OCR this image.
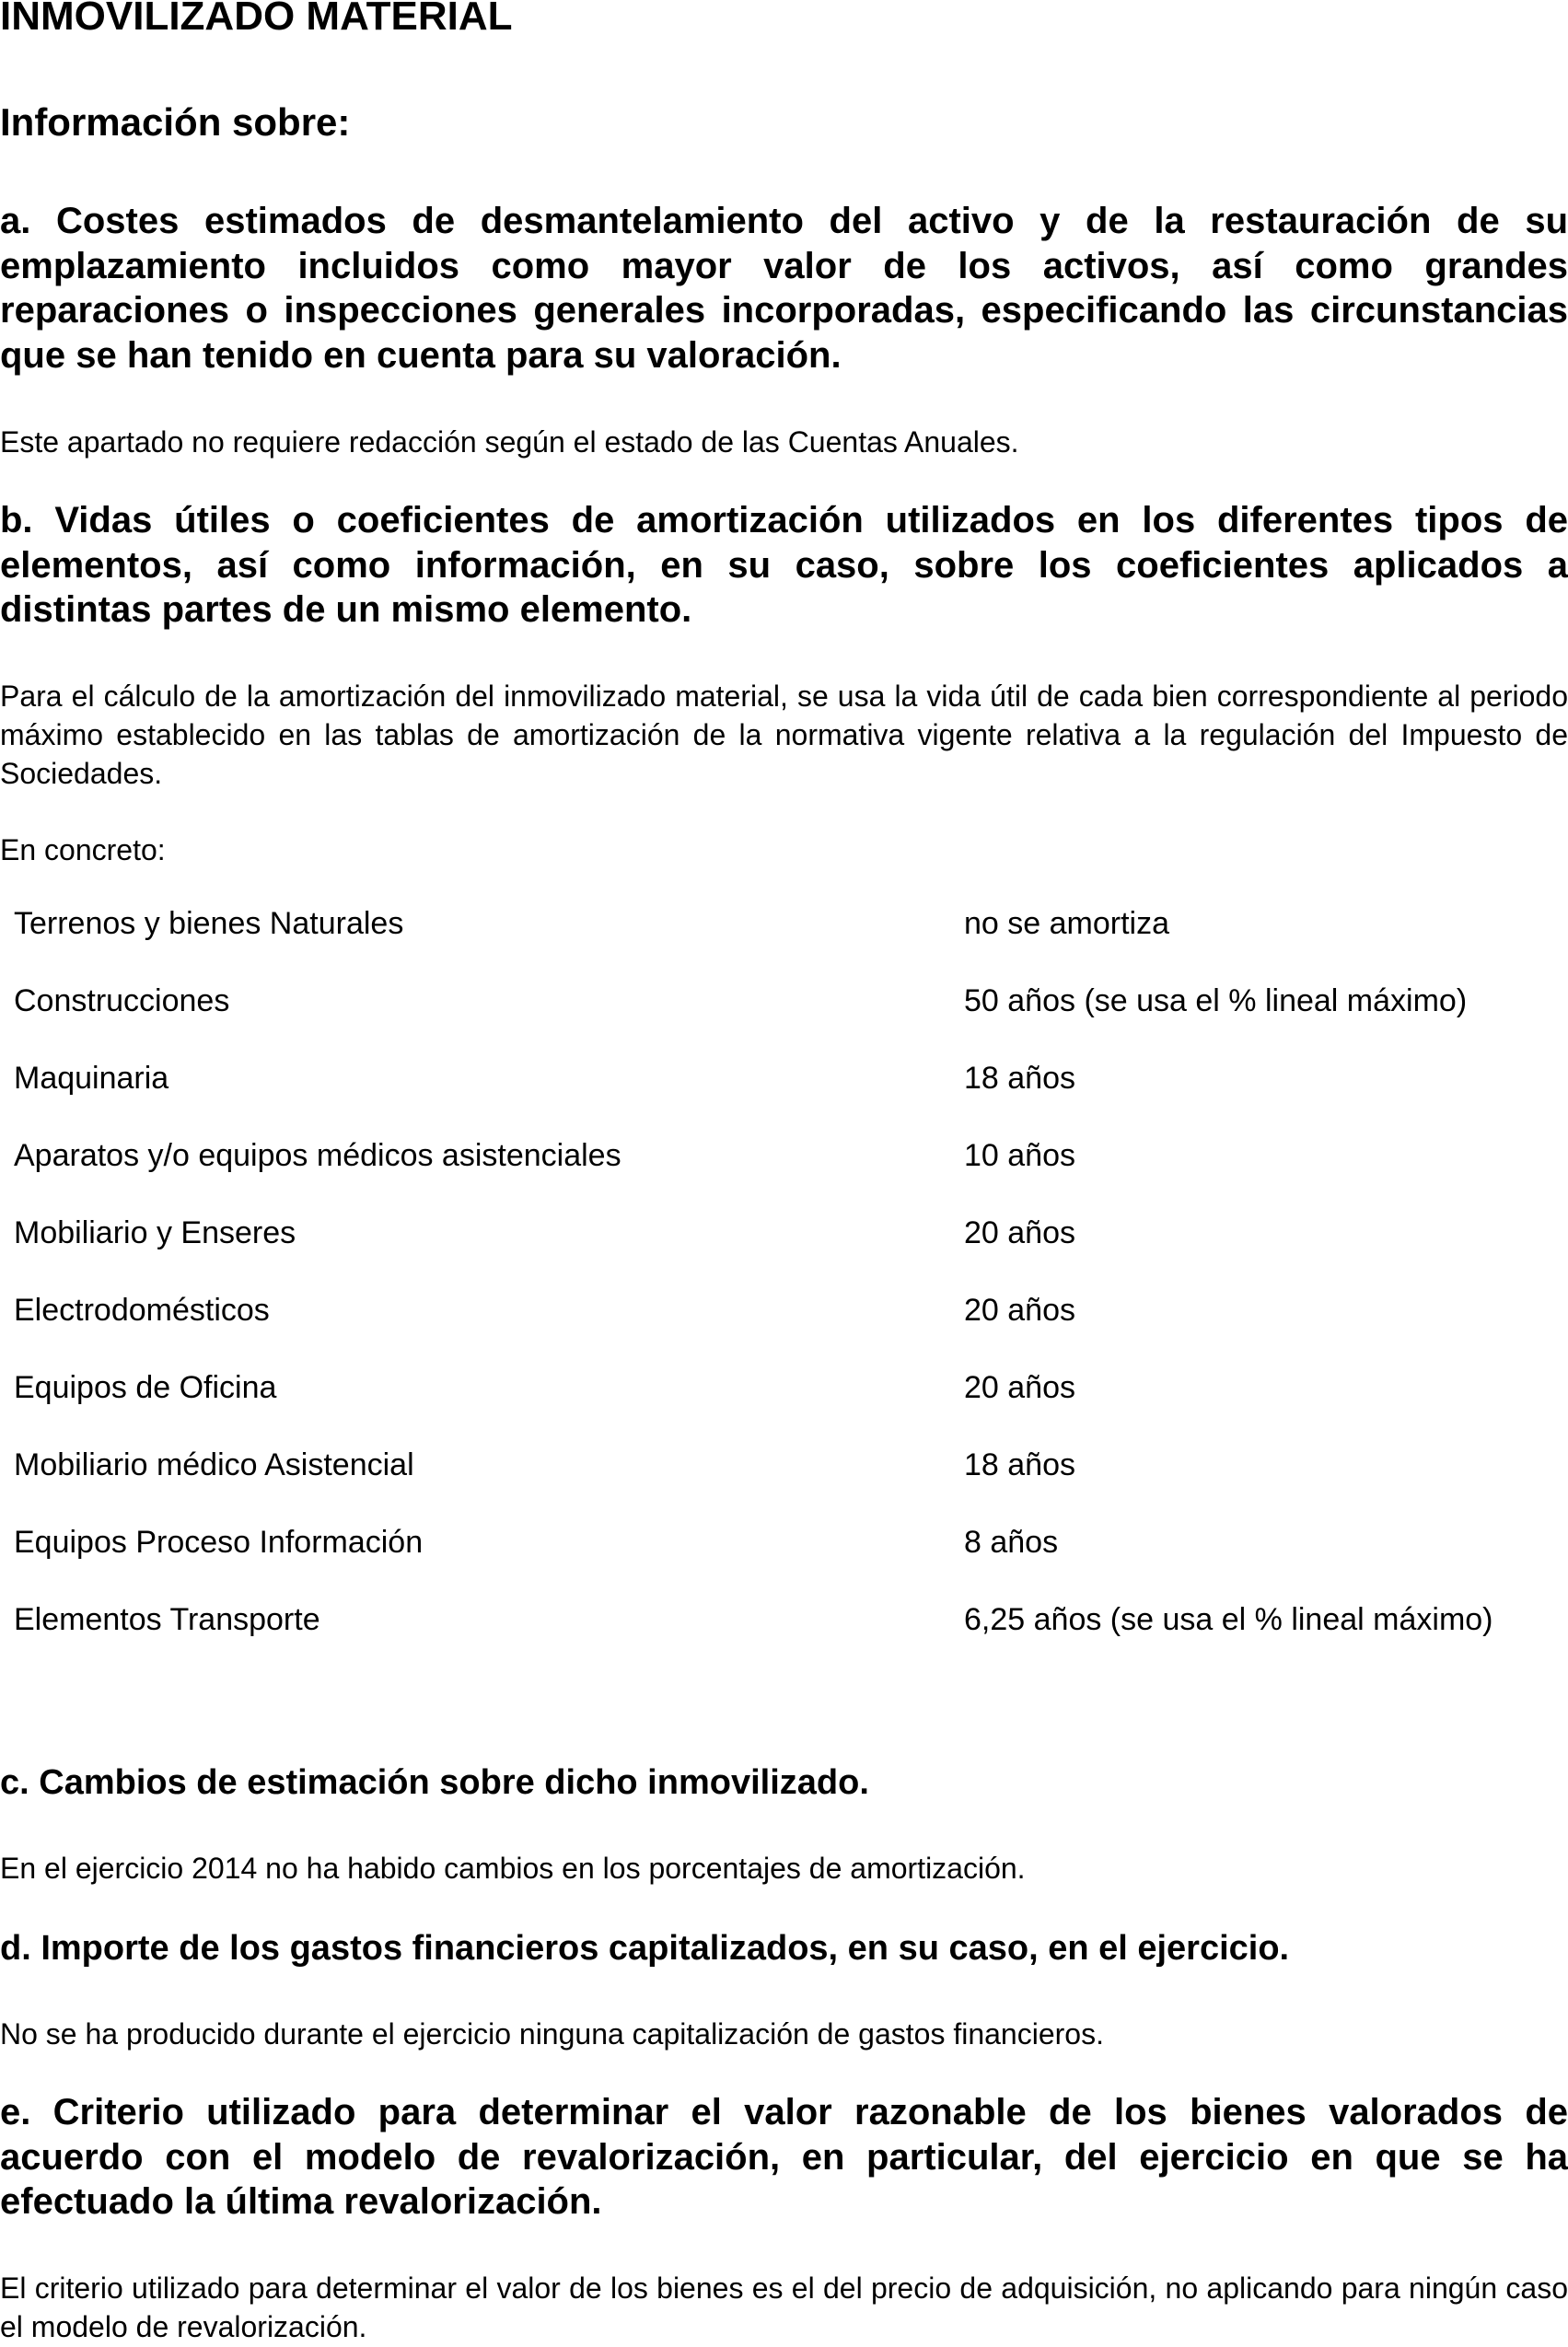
INMOVILIZADO MATERIAL
Información sobre:
a. Costes estimados de desmantelamiento del activo y de la restauración de su emplazamiento incluidos como mayor valor de los activos, así como grandes reparaciones o inspecciones generales incorporadas, especificando las circunstancias que se han tenido en cuenta para su valoración.
Este apartado no requiere redacción según el estado de las Cuentas Anuales.
b. Vidas útiles o coeficientes de amortización utilizados en los diferentes tipos de elementos, así como información, en su caso, sobre los coeficientes aplicados a distintas partes de un mismo elemento.
Para el cálculo de la amortización del inmovilizado material, se usa la vida útil de cada bien correspondiente al periodo máximo establecido en las tablas de amortización de la normativa vigente relativa a la regulación del Impuesto de Sociedades.
En concreto:
Terrenos y bienes Naturales	no se amortiza
Construcciones	50 años (se usa el % lineal máximo)
Maquinaria	18 años
Aparatos y/o equipos médicos asistenciales	10 años
Mobiliario y Enseres	20 años
Electrodomésticos	20 años
Equipos de Oficina	20 años
Mobiliario médico Asistencial	18 años
Equipos Proceso Información	8 años
Elementos Transporte	6,25 años (se usa el % lineal máximo)
c. Cambios de estimación sobre dicho inmovilizado.
En el ejercicio 2014 no ha habido cambios en los porcentajes de amortización.
d. Importe de los gastos financieros capitalizados, en su caso, en el ejercicio.
No se ha producido durante el ejercicio ninguna capitalización de gastos financieros.
e. Criterio utilizado para determinar el valor razonable de los bienes valorados de acuerdo con el modelo de revalorización, en particular, del ejercicio en que se ha efectuado la última revalorización.
El criterio utilizado para determinar el valor de los bienes es el del precio de adquisición, no aplicando para ningún caso el modelo de revalorización.
